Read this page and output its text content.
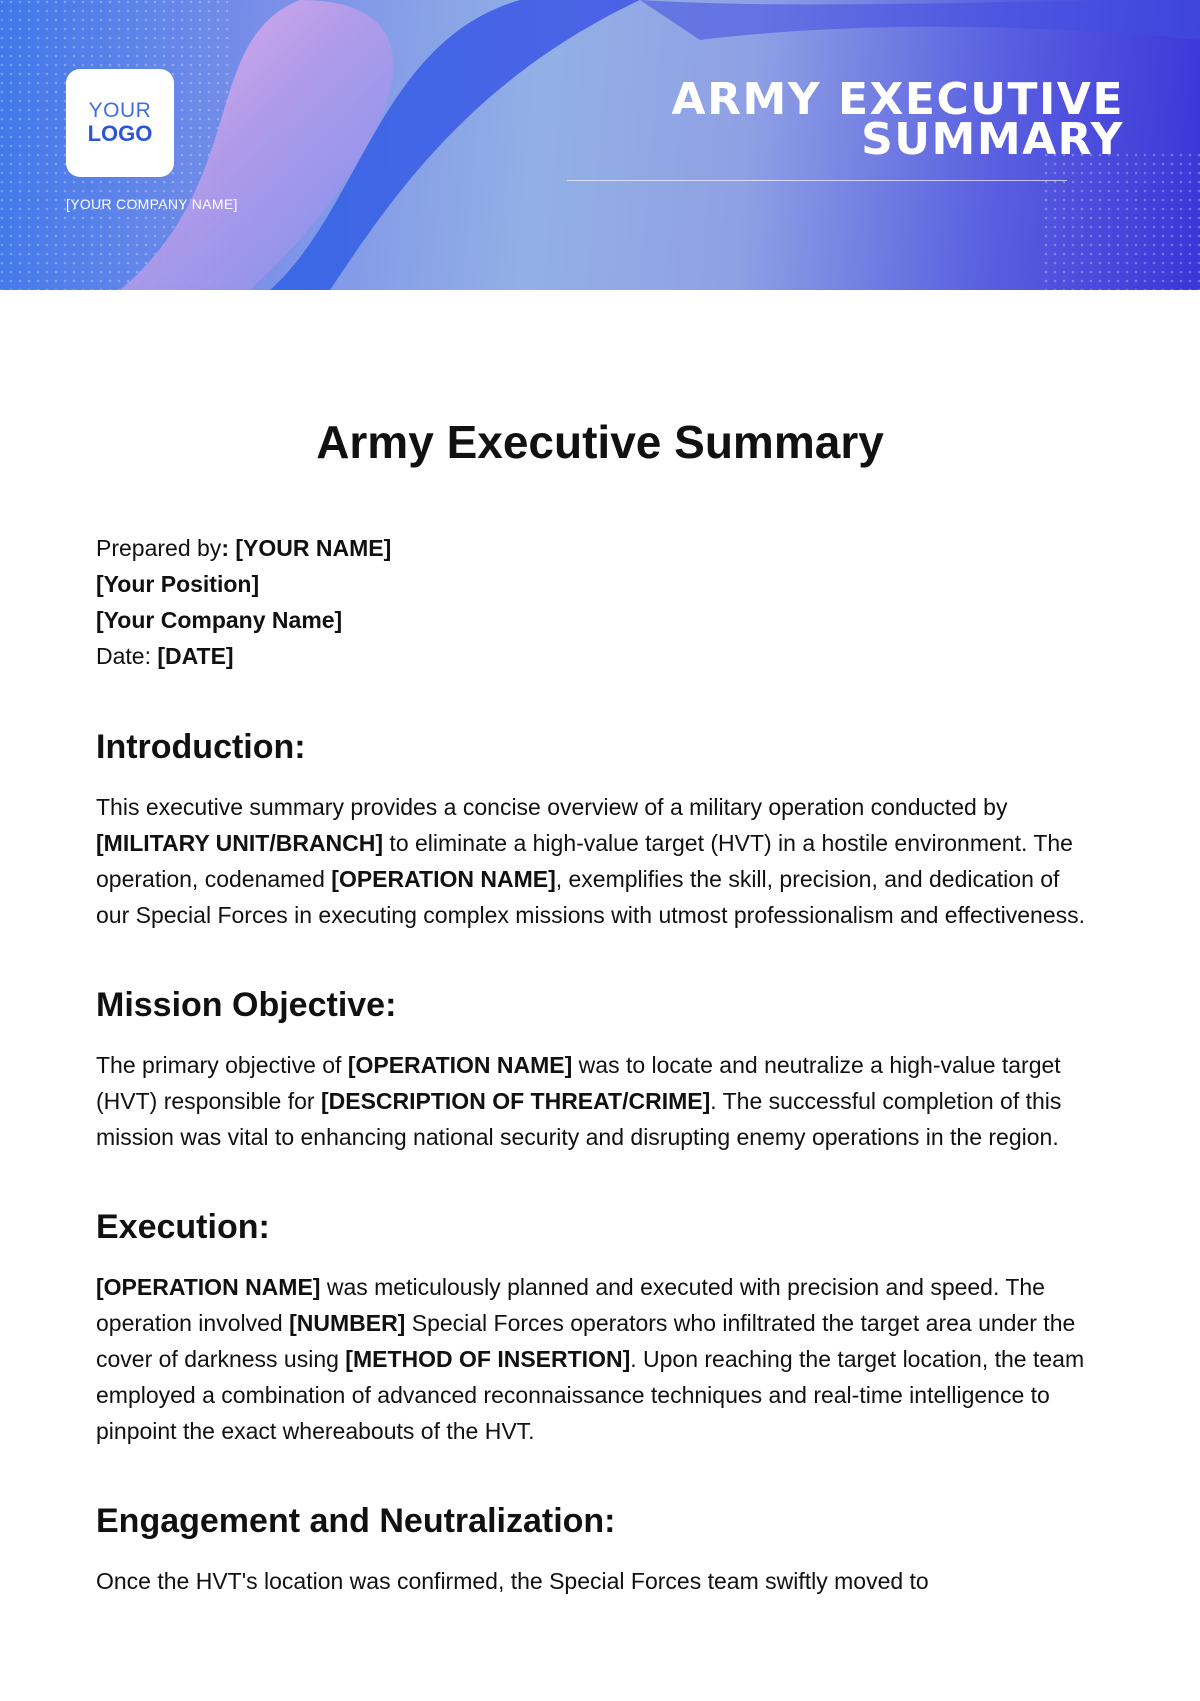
YOUR
LOGO
[YOUR COMPANY NAME]
ARMY EXECUTIVE
SUMMARY
Army Executive Summary
Prepared by: [YOUR NAME]
[Your Position]
[Your Company Name]
Date: [DATE]
Introduction:

This executive summary provides a concise overview of a military operation conducted by [MILITARY UNIT/BRANCH] to eliminate a high-value target (HVT) in a hostile environment. The operation, codenamed [OPERATION NAME], exemplifies the skill, precision, and dedication of our Special Forces in executing complex missions with utmost professionalism and effectiveness.

Mission Objective:

The primary objective of [OPERATION NAME] was to locate and neutralize a high-value target (HVT) responsible for [DESCRIPTION OF THREAT/CRIME]. The successful completion of this mission was vital to enhancing national security and disrupting enemy operations in the region.

Execution:

[OPERATION NAME] was meticulously planned and executed with precision and speed. The operation involved [NUMBER] Special Forces operators who infiltrated the target area under the cover of darkness using [METHOD OF INSERTION]. Upon reaching the target location, the team employed a combination of advanced reconnaissance techniques and real-time intelligence to pinpoint the exact whereabouts of the HVT.

Engagement and Neutralization:

Once the HVT's location was confirmed, the Special Forces team swiftly moved to
